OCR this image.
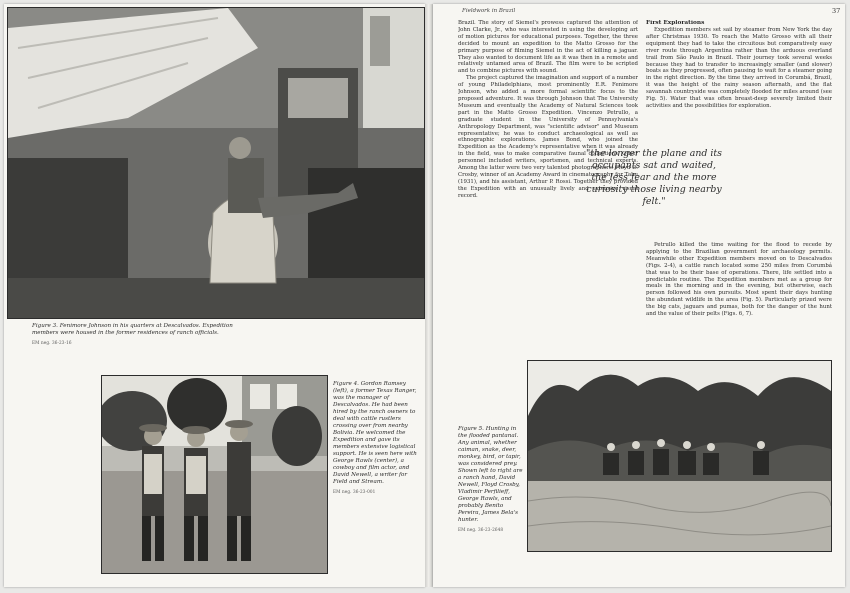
Figure 3. Fenimore Johnson in his quarters at Descalvados. Expedition members were housed in the former residences of ranch officials.
EM neg. 36-23-16
Figure 4. Gordon Ramsey (left), a former Texas Ranger, was the manager of Descalvados. He had been hired by the ranch owners to deal with cattle rustlers crossing over from nearby Bolivia. He welcomed the Expedition and gave its members extensive logistical support. He is seen here with George Rawls (center), a cowboy and film actor, and David Newell, a writer for Field and Stream.
EM neg. 36-23-001
Fieldwork in Brazil	37

Brazil. The story of Siemel's prowess captured the attention of John Clarke, Jr., who was interested in using the developing art of motion pictures for educational purposes. Together, the three decided to mount an expedition to the Matto Grosso for the primary purpose of filming Siemel in the act of killing a jaguar. They also wanted to document life as it was then in a remote and relatively untamed area of Brazil. The film were to be scripted and to combine pictures with sound.

The project captured the imagination and support of a number of young Philadelphians, most prominently E.R. Fenimore Johnson, who added a more formal scientific focus to the proposed adventure. It was through Johnson that The University Museum and eventually the Academy of Natural Sciences took part in the Matto Grosso Expedition. Vincenzo Petrullo, a graduate student in the University of Pennsylvania's Anthropology Department, was "scientific advisor" and Museum representative; he was to conduct archaeological as well as ethnographic explorations. James Bond, who joined the Expedition as the Academy's representative when it was already in the field, was to make comparative faunal collections. Other personnel included writers, sportsmen, and technical experts. Among the latter were two very talented photographers: Floyd D. Crosby, winner of an Academy Award in cinematography for Tabu (1931), and his assistant, Arthur P. Rossi. Together they provided the Expedition with an unusually lively and extensive visual record.

First Explorations

Expedition members set sail by steamer from New York the day after Christmas 1930. To reach the Matto Grosso with all their equipment they had to take the circuitous but comparatively easy river route through Argentina rather than the arduous overland trail from São Paulo in Brazil. Their journey took several weeks because they had to transfer to increasingly smaller (and slower) boats as they progressed, often pausing to wait for a steamer going in the right direction. By the time they arrived in Corumbá, Brazil, it was the height of the rainy season afternath, and the flat savannah countryside was completely flooded for miles around (see Fig. 5). Water that was often breast-deep severely limited their activities and the possibilities for exploration.

Petrullo killed the time waiting for the flood to recede by applying to the Brazilian government for archaeology permits. Meanwhile other Expedition members moved on to Descalvados (Figs. 2-4), a cattle ranch located some 250 miles from Corumbá that was to be their base of operations. There, life settled into a predictable routine. The Expedition members met as a group for meals in the morning and in the evening, but otherwise, each person followed his own pursuits. Most spent their days hunting the abundant wildlife in the area (Fig. 5). Particularly prized were the big cats, jaguars and pumas, both for the danger of the hunt and the value of their pelts (Figs. 6, 7).

"the longer the plane and its occupants sat and waited, the less fear and the more curiosity those living nearby felt."
Figure 5. Hunting in the flooded pantanal. Any animal, whether caiman, snake, deer, monkey, bird, or tapir, was considered prey. Shown left to right are a ranch hand, David Newell, Floyd Crosby, Vladimir Perfilieff, George Rawls, and probably Benito Pereira, James Bela's hunter.
EM neg. 36-23-2648
